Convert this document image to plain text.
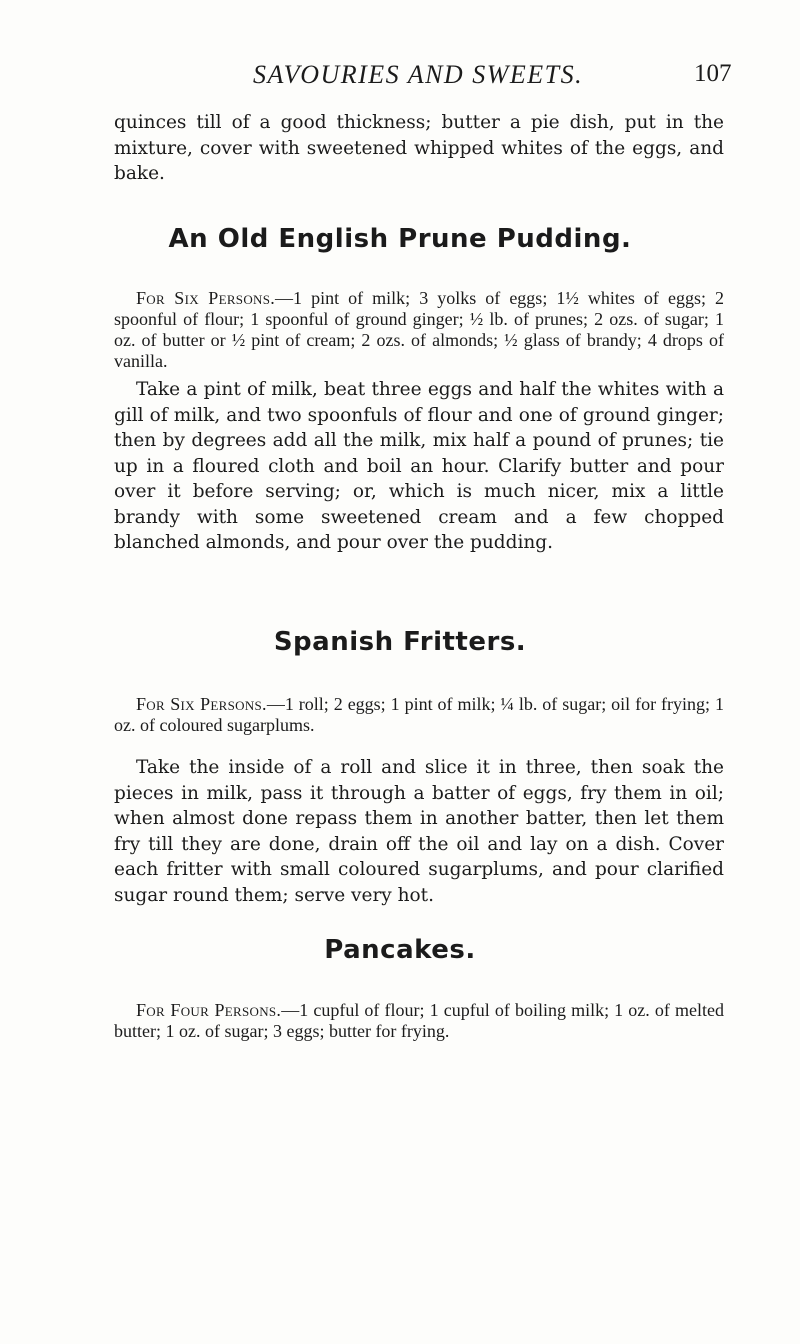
SAVOURIES AND SWEETS.	107

quinces till of a good thickness; butter a pie dish, put in the mixture, cover with sweetened whipped whites of the eggs, and bake.

An Old English Prune Pudding.

For Six Persons.—1 pint of milk; 3 yolks of eggs; 1½ whites of eggs; 2 spoonful of flour; 1 spoonful of ground ginger; ½ lb. of prunes; 2 ozs. of sugar; 1 oz. of butter or ½ pint of cream; 2 ozs. of almonds; ½ glass of brandy; 4 drops of vanilla.

Take a pint of milk, beat three eggs and half the whites with a gill of milk, and two spoonfuls of flour and one of ground ginger; then by degrees add all the milk, mix half a pound of prunes; tie up in a floured cloth and boil an hour. Clarify butter and pour over it before serving; or, which is much nicer, mix a little brandy with some sweetened cream and a few chopped blanched almonds, and pour over the pudding.

Spanish Fritters.

For Six Persons.—1 roll; 2 eggs; 1 pint of milk; ¼ lb. of sugar; oil for frying; 1 oz. of coloured sugarplums.

Take the inside of a roll and slice it in three, then soak the pieces in milk, pass it through a batter of eggs, fry them in oil; when almost done repass them in another batter, then let them fry till they are done, drain off the oil and lay on a dish. Cover each fritter with small coloured sugarplums, and pour clarified sugar round them; serve very hot.

Pancakes.

For Four Persons.—1 cupful of flour; 1 cupful of boiling milk; 1 oz. of melted butter; 1 oz. of sugar; 3 eggs; butter for frying.
